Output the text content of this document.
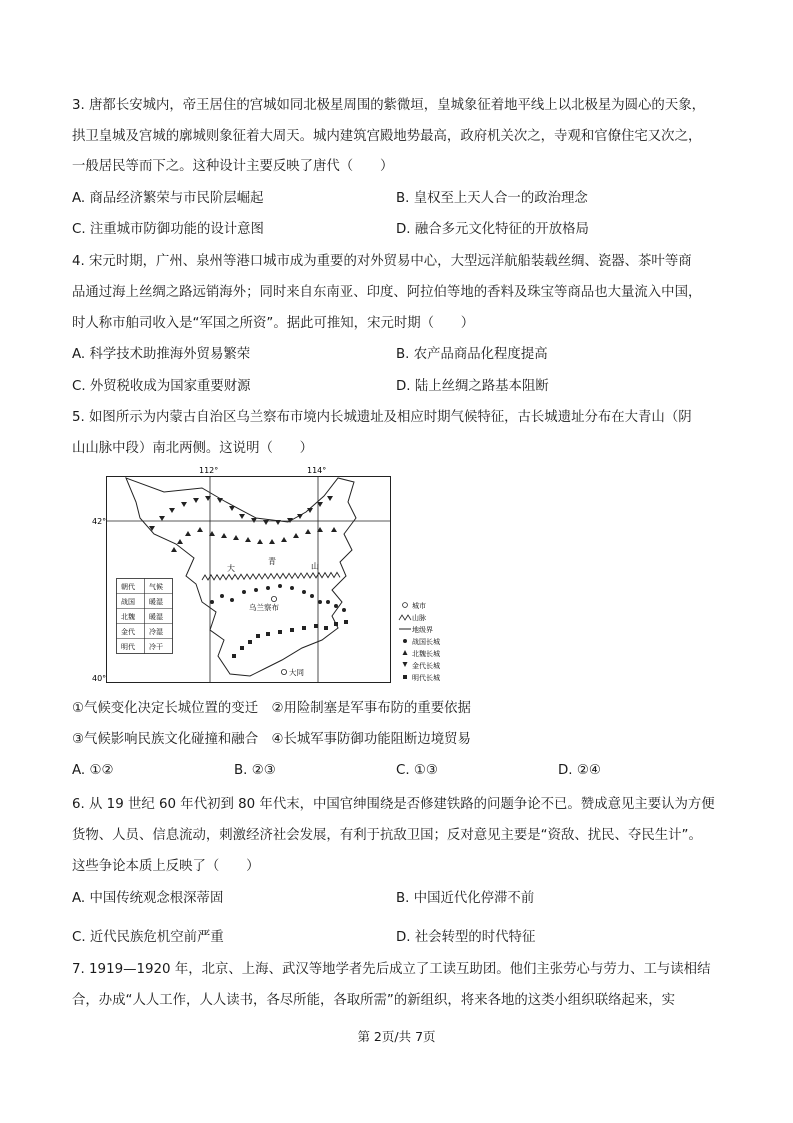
3. 唐都长安城内，帝王居住的宫城如同北极星周围的紫微垣，皇城象征着地平线上以北极星为圆心的天象，
拱卫皇城及宫城的廓城则象征着大周天。城内建筑宫殿地势最高，政府机关次之，寺观和官僚住宅又次之，
一般居民等而下之。这种设计主要反映了唐代（　　）
A. 商品经济繁荣与市民阶层崛起	B. 皇权至上天人合一的政治理念
C. 注重城市防御功能的设计意图	D. 融合多元文化特征的开放格局
4. 宋元时期，广州、泉州等港口城市成为重要的对外贸易中心，大型远洋航船装载丝绸、瓷器、茶叶等商
品通过海上丝绸之路远销海外；同时来自东南亚、印度、阿拉伯等地的香料及珠宝等商品也大量流入中国，
时人称市舶司收入是“军国之所资”。据此可推知，宋元时期（　　）
A. 科学技术助推海外贸易繁荣	B. 农产品商品化程度提高
C. 外贸税收成为国家重要财源	D. 陆上丝绸之路基本阻断
5. 如图所示为内蒙古自治区乌兰察布市境内长城遗址及相应时期气候特征，古长城遗址分布在大青山（阴
山山脉中段）南北两侧。这说明（　　）
112°	114°
42°
40°
大
青
山
乌兰察布
大同
朝代 气候
战国 暖湿
北魏 暖湿
金代 冷湿
明代 冷干
城市
山脉
地级界
战国长城
北魏长城
金代长城
明代长城
①气候变化决定长城位置的变迁　②用险制塞是军事布防的重要依据
③气候影响民族文化碰撞和融合　④长城军事防御功能阻断边境贸易
A. ①②	B. ②③	C. ①③	D. ②④
6. 从 19 世纪 60 年代初到 80 年代末，中国官绅围绕是否修建铁路的问题争论不已。赞成意见主要认为方便
货物、人员、信息流动，刺激经济社会发展，有利于抗敌卫国；反对意见主要是“资敌、扰民、夺民生计”。
这些争论本质上反映了（　　）
A. 中国传统观念根深蒂固	B. 中国近代化停滞不前
C. 近代民族危机空前严重	D. 社会转型的时代特征
7. 1919—1920 年，北京、上海、武汉等地学者先后成立了工读互助团。他们主张劳心与劳力、工与读相结
合，办成“人人工作，人人读书，各尽所能，各取所需”的新组织，将来各地的这类小组织联络起来，实
第 2页/共 7页
